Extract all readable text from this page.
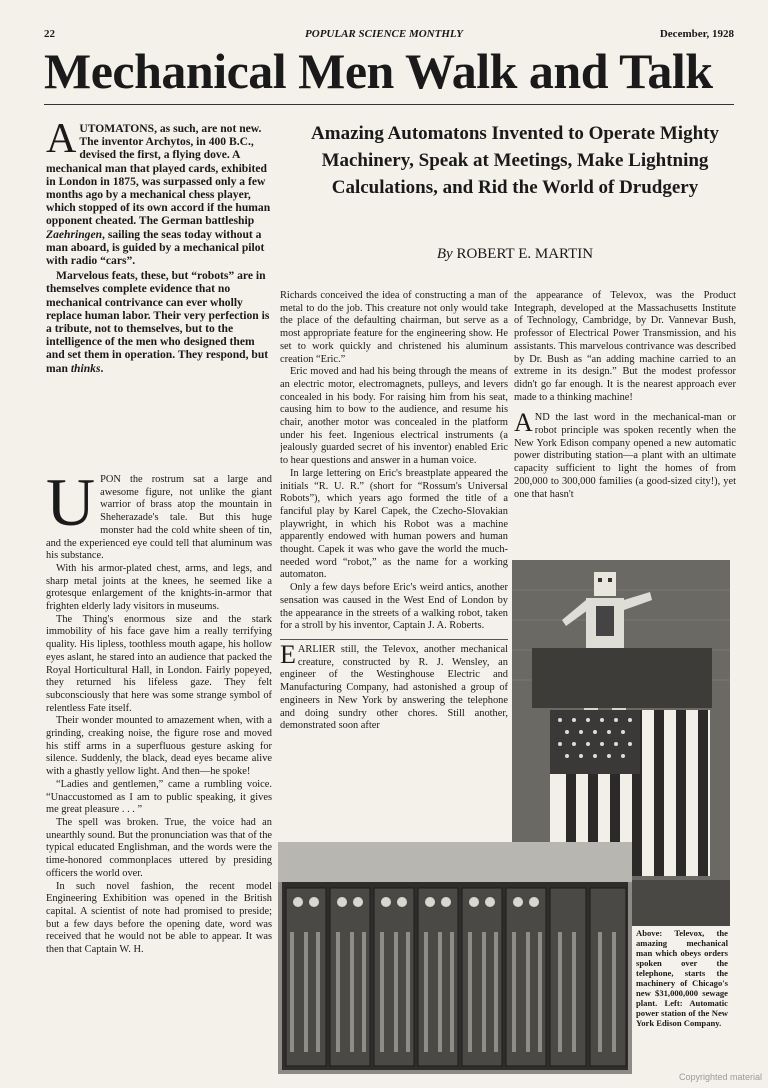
22	POPULAR SCIENCE MONTHLY	December, 1928
Mechanical Men Walk and Talk

AUTOMATONS, as such, are not new. The inventor Archytos, in 400 B.C., devised the first, a flying dove. A mechanical man that played cards, exhibited in London in 1875, was surpassed only a few months ago by a mechanical chess player, which stopped of its own accord if the human opponent cheated. The German battleship Zaehringen, sailing the seas today without a man aboard, is guided by a mechanical pilot with radio “cars”.

Marvelous feats, these, but “robots” are in themselves complete evidence that no mechanical contrivance can ever wholly replace human labor. Their very perfection is a tribute, not to themselves, but to the intelligence of the men who designed them and set them in operation. They respond, but man thinks.

Amazing Automatons Invented to Operate Mighty Machinery, Speak at Meetings, Make Lightning Calculations, and Rid the World of Drudgery
By ROBERT E. MARTIN

UPON the rostrum sat a large and awesome figure, not unlike the giant warrior of brass atop the mountain in Sheherazade's tale. But this huge monster had the cold white sheen of tin, and the experienced eye could tell that aluminum was his substance.

With his armor-plated chest, arms, and legs, and sharp metal joints at the knees, he seemed like a grotesque enlargement of the knights-in-armor that frighten elderly lady visitors in museums.

The Thing's enormous size and the stark immobility of his face gave him a really terrifying quality. His lipless, toothless mouth agape, his hollow eyes aslant, he stared into an audience that packed the Royal Horticultural Hall, in London. Fairly popeyed, they returned his lifeless gaze. They felt subconsciously that here was some strange symbol of relentless Fate itself.

Their wonder mounted to amazement when, with a grinding, creaking noise, the figure rose and moved his stiff arms in a superfluous gesture asking for silence. Suddenly, the black, dead eyes became alive with a ghastly yellow light. And then—he spoke!

“Ladies and gentlemen,” came a rumbling voice. “Unaccustomed as I am to public speaking, it gives me great pleasure . . . ”

The spell was broken. True, the voice had an unearthly sound. But the pronunciation was that of the typical educated Englishman, and the words were the time-honored commonplaces uttered by presiding officers the world over.

In such novel fashion, the recent model Engineering Exhibition was opened in the British capital. A scientist of note had promised to preside; but a few days before the opening date, word was received that he would not be able to appear. It was then that Captain W. H.

Richards conceived the idea of constructing a man of metal to do the job. This creature not only would take the place of the defaulting chairman, but serve as a most appropriate feature for the engineering show. He set to work quickly and christened his aluminum creation “Eric.”

Eric moved and had his being through the means of an electric motor, electromagnets, pulleys, and levers concealed in his body. For raising him from his seat, causing him to bow to the audience, and resume his chair, another motor was concealed in the platform under his feet. Ingenious electrical instruments (a jealously guarded secret of his inventor) enabled Eric to hear questions and answer in a human voice.

In large lettering on Eric's breastplate appeared the initials “R. U. R.” (short for “Rossum's Universal Robots”), which years ago formed the title of a fanciful play by Karel Capek, the Czecho-Slovakian playwright, in which his Robot was a machine apparently endowed with human powers and human thought. Capek it was who gave the world the much-needed word “robot,” as the name for a working automaton.

Only a few days before Eric's weird antics, another sensation was caused in the West End of London by the appearance in the streets of a walking robot, taken for a stroll by his inventor, Captain J. A. Roberts.

EARLIER still, the Televox, another mechanical creature, constructed by R. J. Wensley, an engineer of the Westinghouse Electric and Manufacturing Company, had astonished a group of engineers in New York by answering the telephone and doing sundry other chores. Still another, demonstrated soon after

the appearance of Televox, was the Product Integraph, developed at the Massachusetts Institute of Technology, Cambridge, by Dr. Vannevar Bush, professor of Electrical Power Transmission, and his assistants. This marvelous contrivance was described by Dr. Bush as “an adding machine carried to an extreme in its design.” But the modest professor didn't go far enough. It is the nearest approach ever made to a thinking machine!

AND the last word in the mechanical-man or robot principle was spoken recently when the New York Edison company opened a new automatic power distributing station—a plant with an ultimate capacity sufficient to light the homes of from 200,000 to 300,000 families (a good-sized city!), yet one that hasn't

Above: Televox, the amazing mechanical man which obeys orders spoken over the telephone, starts the machinery of Chicago's new $31,000,000 sewage plant. Left: Automatic power station of the New York Edison Company.
Copyrighted material
